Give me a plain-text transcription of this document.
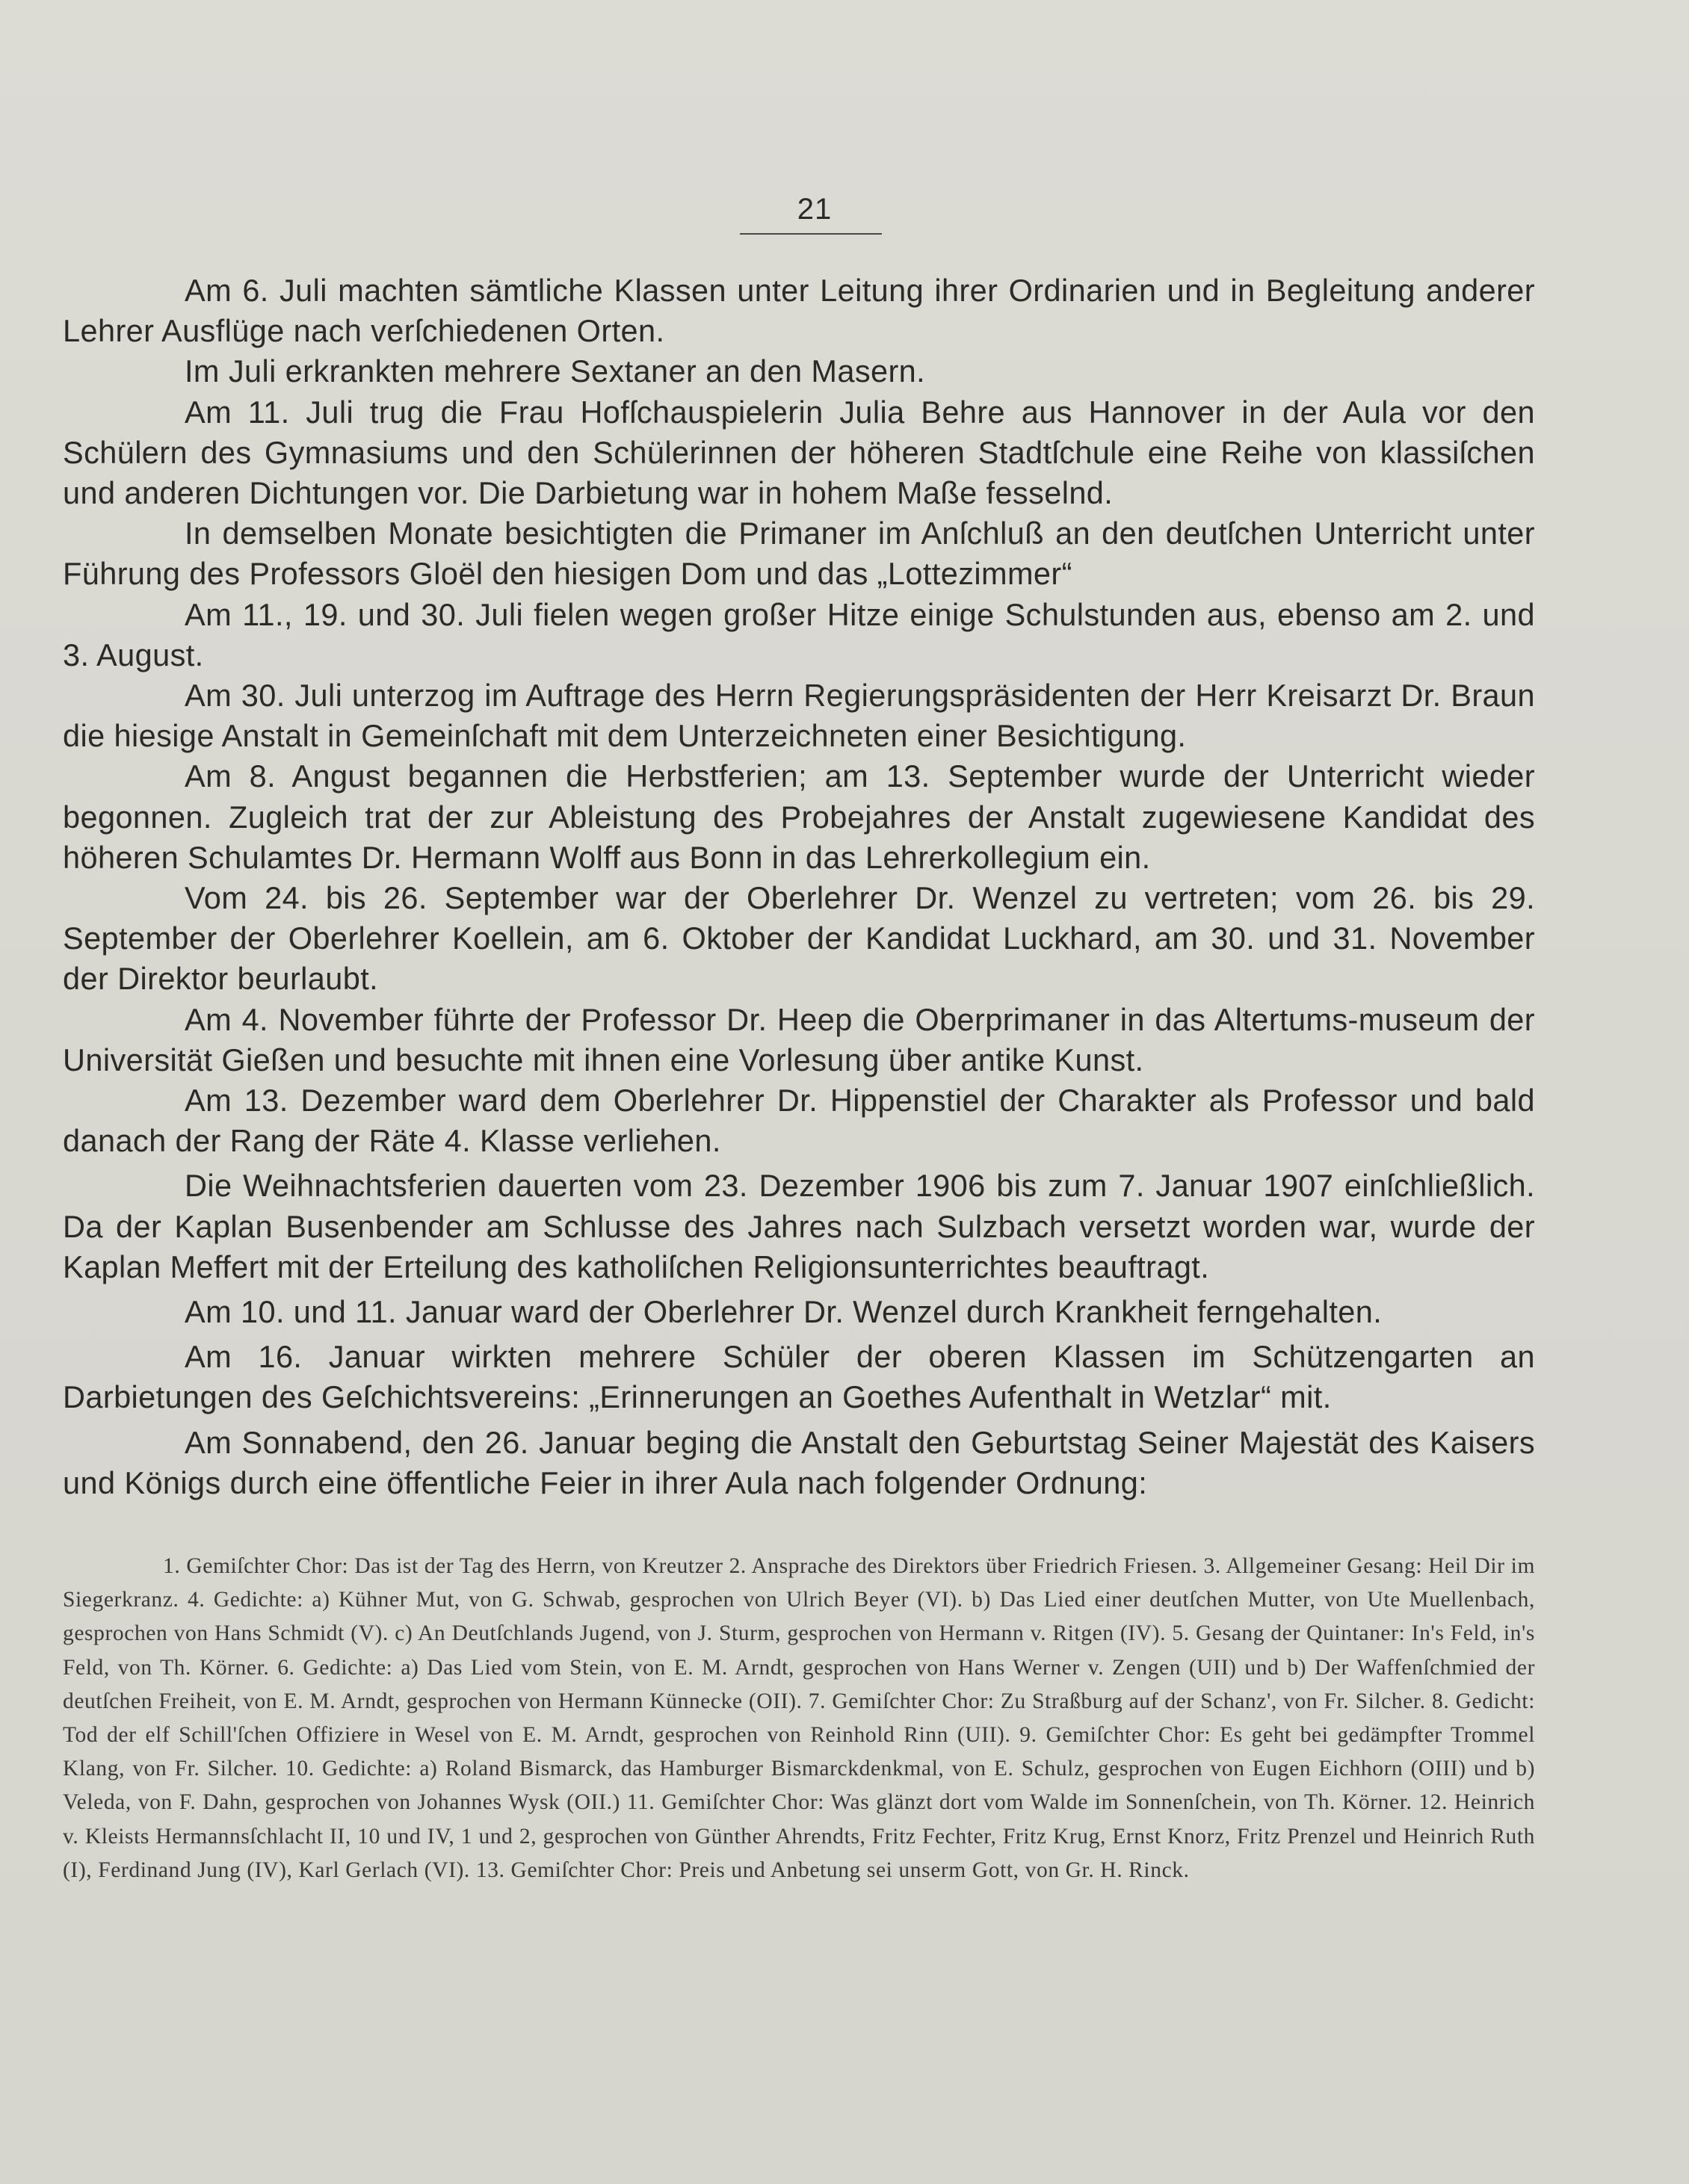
21

Am 6. Juli machten sämtliche Klassen unter Leitung ihrer Ordinarien und in Begleitung anderer Lehrer Ausflüge nach verſchiedenen Orten.

Im Juli erkrankten mehrere Sextaner an den Masern.

Am 11. Juli trug die Frau Hofſchauspielerin Julia Behre aus Hannover in der Aula vor den Schülern des Gymnasiums und den Schülerinnen der höheren Stadtſchule eine Reihe von klassiſchen und anderen Dichtungen vor. Die Darbietung war in hohem Maße fesselnd.

In demselben Monate besichtigten die Primaner im Anſchluß an den deutſchen Unterricht unter Führung des Professors Gloël den hiesigen Dom und das „Lottezimmer“

Am 11., 19. und 30. Juli fielen wegen großer Hitze einige Schulstunden aus, ebenso am 2. und 3. August.

Am 30. Juli unterzog im Auftrage des Herrn Regierungspräsidenten der Herr Kreisarzt Dr. Braun die hiesige Anstalt in Gemeinſchaft mit dem Unterzeichneten einer Besichtigung.

Am 8. Angust begannen die Herbstferien; am 13. September wurde der Unterricht wieder begonnen. Zugleich trat der zur Ableistung des Probejahres der Anstalt zugewiesene Kandidat des höheren Schulamtes Dr. Hermann Wolff aus Bonn in das Lehrerkollegium ein.

Vom 24. bis 26. September war der Oberlehrer Dr. Wenzel zu vertreten; vom 26. bis 29. September der Oberlehrer Koellein, am 6. Oktober der Kandidat Luckhard, am 30. und 31. November der Direktor beurlaubt.

Am 4. November führte der Professor Dr. Heep die Oberprimaner in das Altertums-museum der Universität Gießen und besuchte mit ihnen eine Vorlesung über antike Kunst.

Am 13. Dezember ward dem Oberlehrer Dr. Hippenstiel der Charakter als Professor und bald danach der Rang der Räte 4. Klasse verliehen.

Die Weihnachtsferien dauerten vom 23. Dezember 1906 bis zum 7. Januar 1907 einſchließlich. Da der Kaplan Busenbender am Schlusse des Jahres nach Sulzbach versetzt worden war, wurde der Kaplan Meffert mit der Erteilung des katholiſchen Religionsunterrichtes beauftragt.

Am 10. und 11. Januar ward der Oberlehrer Dr. Wenzel durch Krankheit ferngehalten.

Am 16. Januar wirkten mehrere Schüler der oberen Klassen im Schützengarten an Darbietungen des Geſchichtsvereins: „Erinnerungen an Goethes Aufenthalt in Wetzlar“ mit.

Am Sonnabend, den 26. Januar beging die Anstalt den Geburtstag Seiner Majestät des Kaisers und Königs durch eine öffentliche Feier in ihrer Aula nach folgender Ordnung:

1. Gemiſchter Chor: Das ist der Tag des Herrn, von Kreutzer 2. Ansprache des Direktors über Friedrich Friesen. 3. Allgemeiner Gesang: Heil Dir im Siegerkranz. 4. Gedichte: a) Kühner Mut, von G. Schwab, gesprochen von Ulrich Beyer (VI). b) Das Lied einer deutſchen Mutter, von Ute Muellenbach, gesprochen von Hans Schmidt (V). c) An Deutſchlands Jugend, von J. Sturm, gesprochen von Hermann v. Ritgen (IV). 5. Gesang der Quintaner: In's Feld, in's Feld, von Th. Körner. 6. Gedichte: a) Das Lied vom Stein, von E. M. Arndt, gesprochen von Hans Werner v. Zengen (UII) und b) Der Waffenſchmied der deutſchen Freiheit, von E. M. Arndt, gesprochen von Hermann Künnecke (OII). 7. Gemiſchter Chor: Zu Straßburg auf der Schanz', von Fr. Silcher. 8. Gedicht: Tod der elf Schill'ſchen Offiziere in Wesel von E. M. Arndt, gesprochen von Reinhold Rinn (UII). 9. Gemiſchter Chor: Es geht bei gedämpfter Trommel Klang, von Fr. Silcher. 10. Gedichte: a) Roland Bismarck, das Hamburger Bismarckdenkmal, von E. Schulz, gesprochen von Eugen Eichhorn (OIII) und b) Veleda, von F. Dahn, gesprochen von Johannes Wysk (OII.) 11. Gemiſchter Chor: Was glänzt dort vom Walde im Sonnenſchein, von Th. Körner. 12. Heinrich v. Kleists Hermannsſchlacht II, 10 und IV, 1 und 2, gesprochen von Günther Ahrendts, Fritz Fechter, Fritz Krug, Ernst Knorz, Fritz Prenzel und Heinrich Ruth (I), Ferdinand Jung (IV), Karl Gerlach (VI). 13. Gemiſchter Chor: Preis und Anbetung sei unserm Gott, von Gr. H. Rinck.
